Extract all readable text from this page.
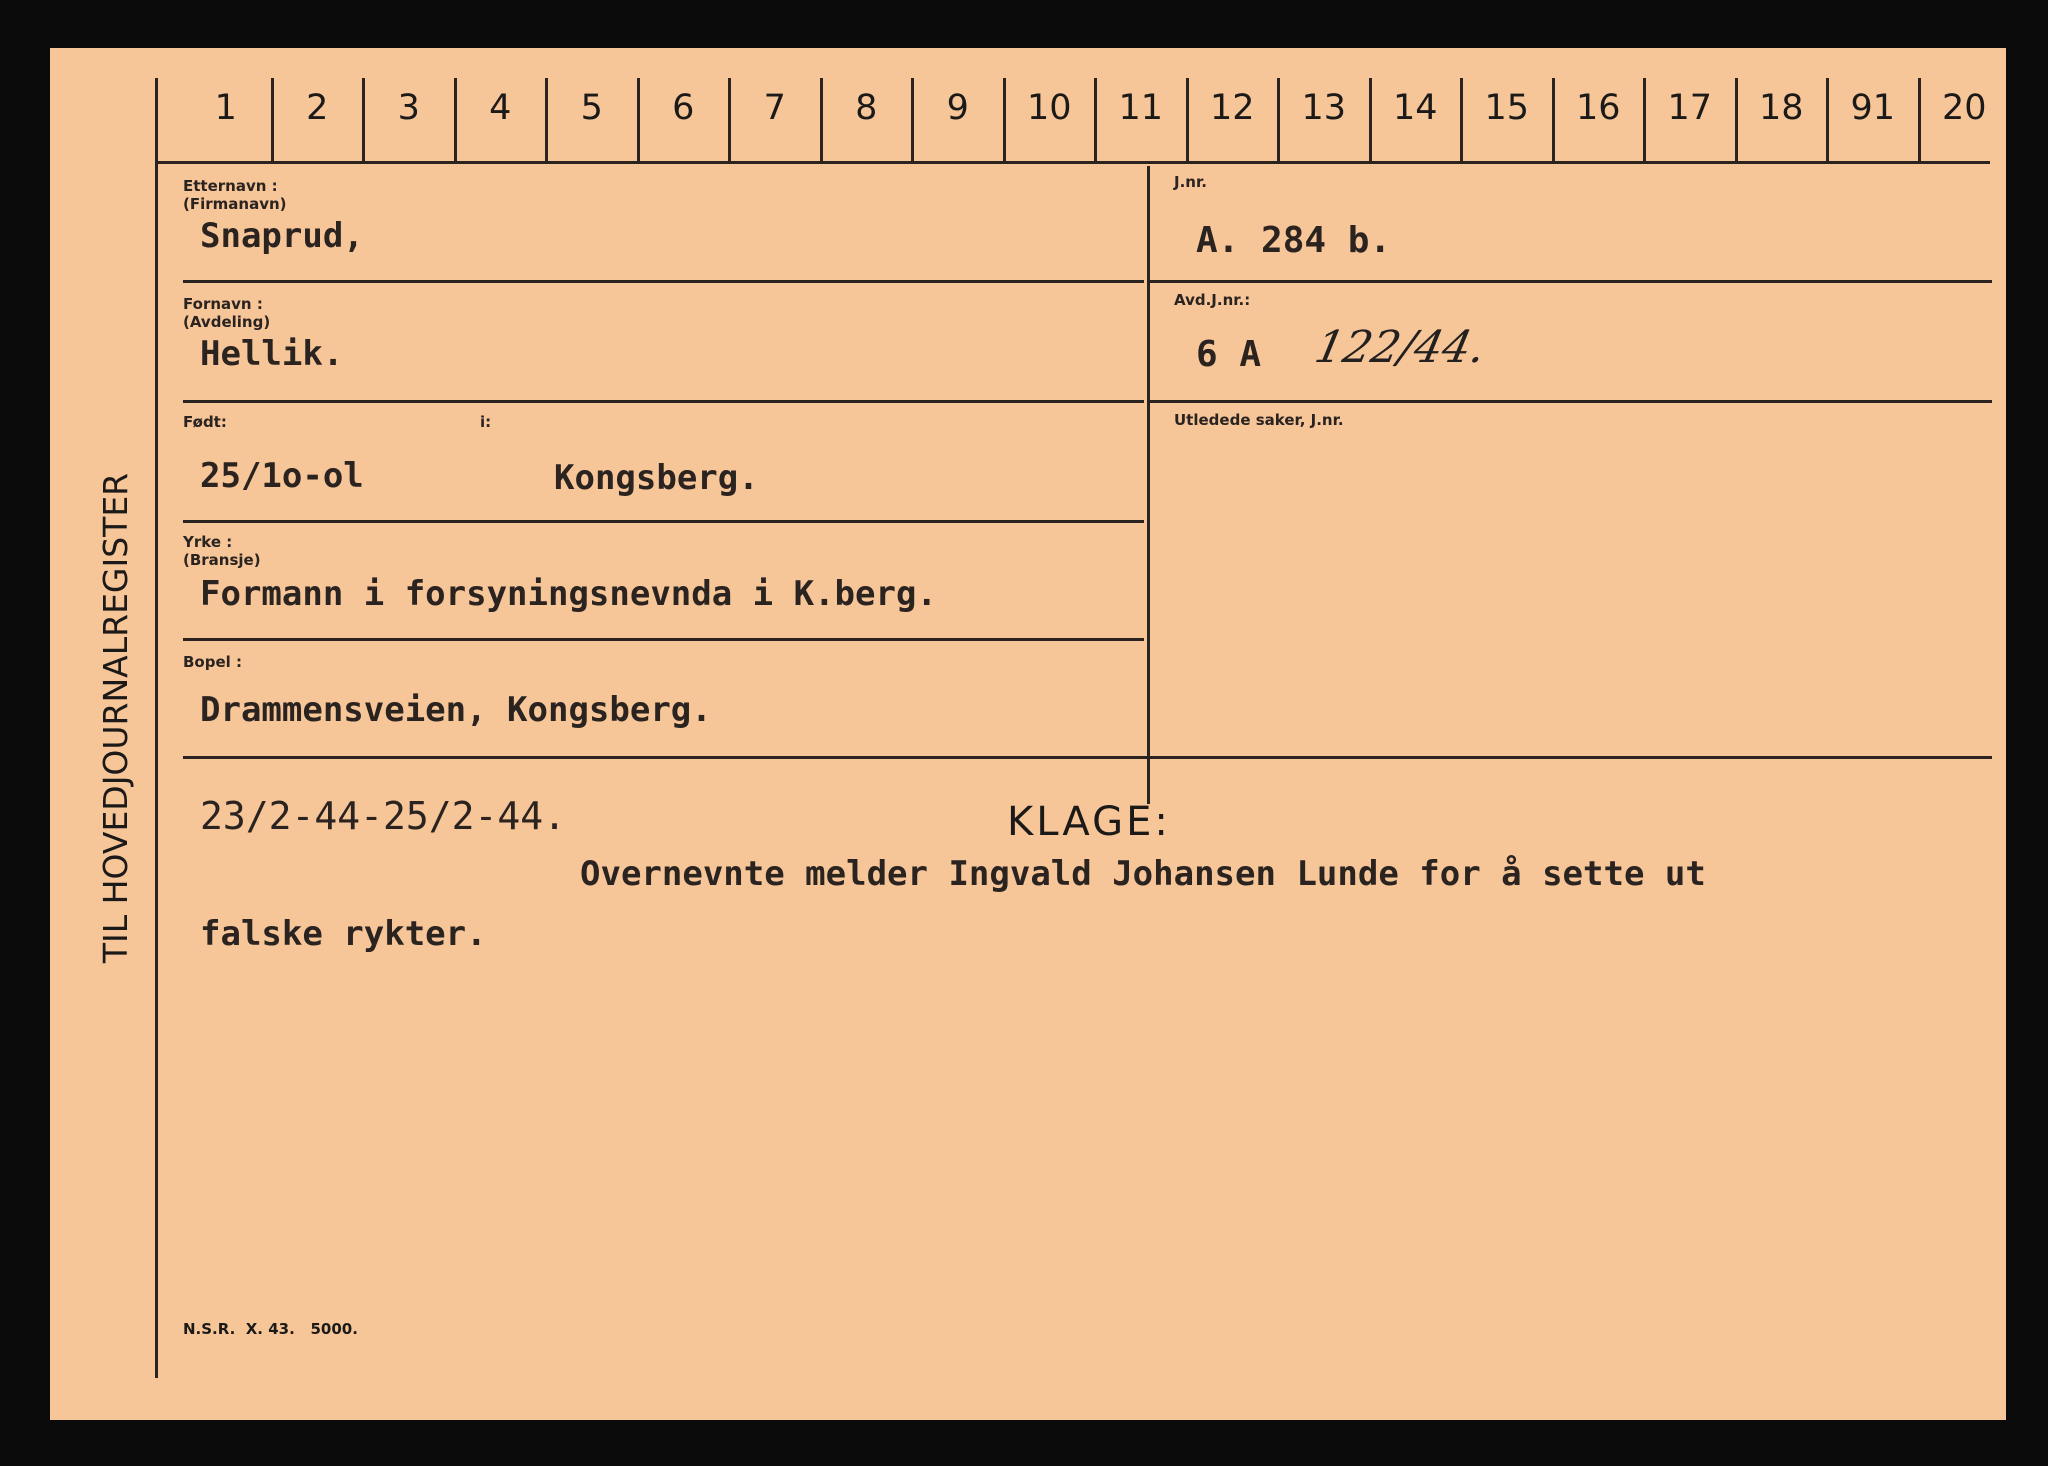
TIL HOVEDJOURNALREGISTER
Etternavn :
(Firmanavn)
Snaprud,
J.nr.
A. 284 b.
Fornavn :
(Avdeling)
Hellik.
Avd.J.nr.:
6 A 122/44.
Født:	i:
25/1o-ol	Kongsberg.
Utledede saker, J.nr.
Yrke :
(Bransje)
Formann i forsyningsnevnda i K.berg.
Bopel :
Drammensveien, Kongsberg.
23/2-44-25/2-44.	KLAGE:
Overnevnte melder Ingvald Johansen Lunde for å sette ut
falske rykter.
N.S.R.  X. 43.   5000.
1	2	3	4	5	6	7	8	9	10	11	12	13	14	15	16	17	18	91	20
